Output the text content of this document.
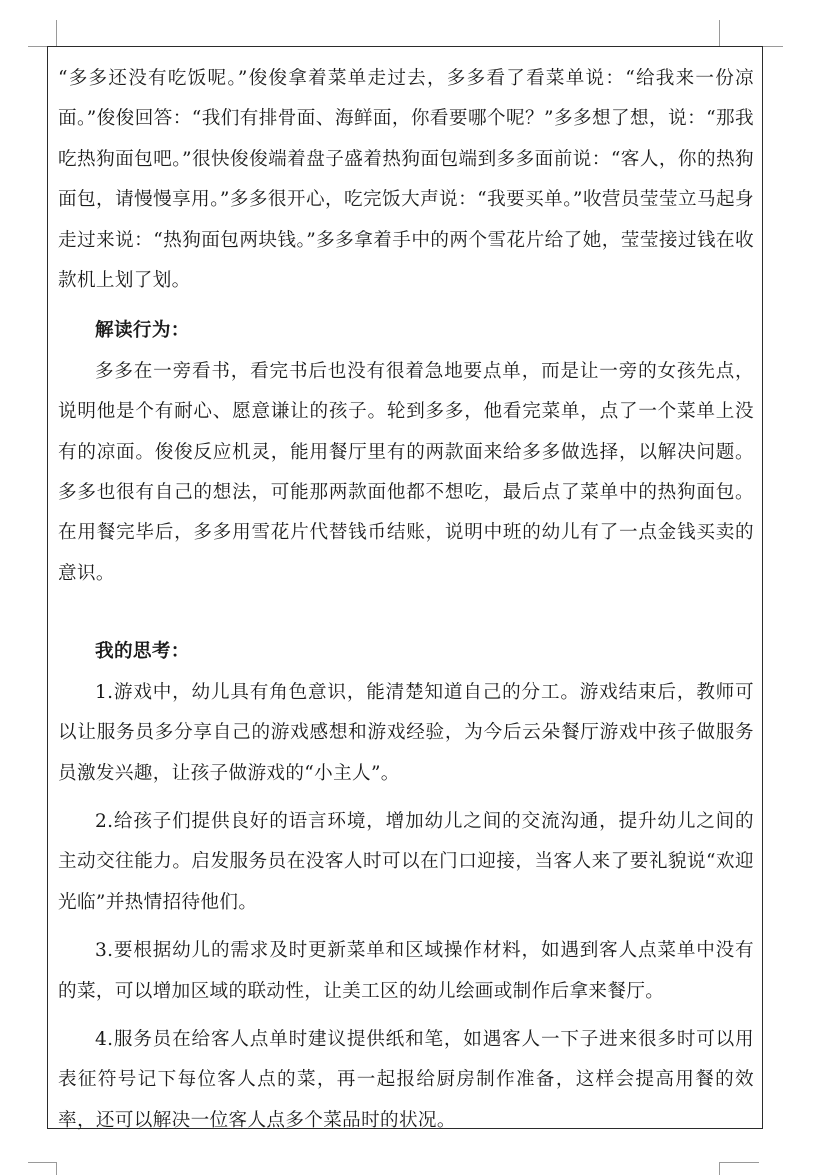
“多多还没有吃饭呢。”俊俊拿着菜单走过去，多多看了看菜单说：“给我来一份凉面。”俊俊回答：“我们有排骨面、海鲜面，你看要哪个呢？”多多想了想，说：“那我吃热狗面包吧。”很快俊俊端着盘子盛着热狗面包端到多多面前说：“客人，你的热狗面包，请慢慢享用。”多多很开心，吃完饭大声说：“我要买单。”收营员莹莹立马起身走过来说：“热狗面包两块钱。”多多拿着手中的两个雪花片给了她，莹莹接过钱在收款机上划了划。

解读行为：

多多在一旁看书，看完书后也没有很着急地要点单，而是让一旁的女孩先点，说明他是个有耐心、愿意谦让的孩子。轮到多多，他看完菜单，点了一个菜单上没有的凉面。俊俊反应机灵，能用餐厅里有的两款面来给多多做选择，以解决问题。多多也很有自己的想法，可能那两款面他都不想吃，最后点了菜单中的热狗面包。在用餐完毕后，多多用雪花片代替钱币结账，说明中班的幼儿有了一点金钱买卖的意识。

我的思考：

1.游戏中，幼儿具有角色意识，能清楚知道自己的分工。游戏结束后，教师可以让服务员多分享自己的游戏感想和游戏经验，为今后云朵餐厅游戏中孩子做服务员激发兴趣，让孩子做游戏的“小主人”。

2.给孩子们提供良好的语言环境，增加幼儿之间的交流沟通，提升幼儿之间的主动交往能力。启发服务员在没客人时可以在门口迎接，当客人来了要礼貌说“欢迎光临”并热情招待他们。

3.要根据幼儿的需求及时更新菜单和区域操作材料，如遇到客人点菜单中没有的菜，可以增加区域的联动性，让美工区的幼儿绘画或制作后拿来餐厅。

4.服务员在给客人点单时建议提供纸和笔，如遇客人一下子进来很多时可以用表征符号记下每位客人点的菜，再一起报给厨房制作准备，这样会提高用餐的效率，还可以解决一位客人点多个菜品时的状况。
